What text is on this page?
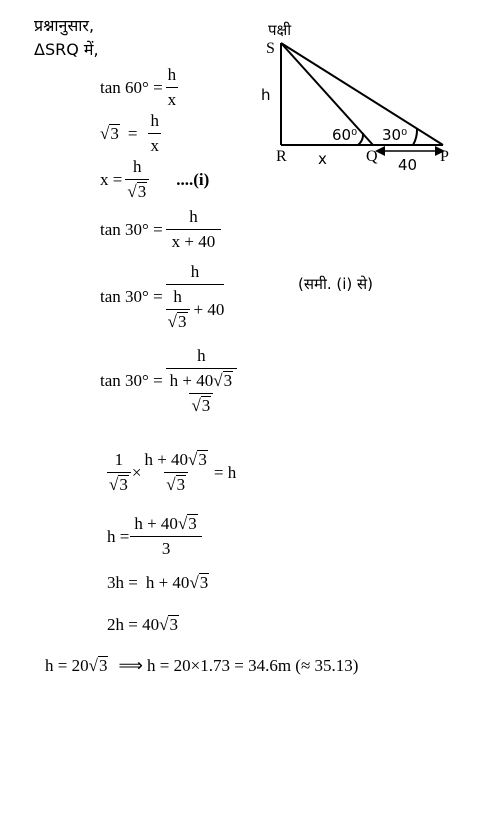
प्रश्नानुसार,
ΔSRQ में,
पक्षी
S
h
R x Q	P
40
60⁰ 30⁰
$\tan 60^\circ = \frac{h}{x}$
√ $3 = \frac{h}{x}$
$x = \frac{h}{√ 3} ....(i)$
$\tan 30^\circ = \frac{h}{x + 40}$
$\tan 30^\circ = \frac{h}{\frac{h}{√ 3} + 40}$	(समी. (i) से)
$\tan 30^\circ = \frac{h}{\frac{h + 40 √ 3}{√ 3}}$
$\frac{1}{√ 3} \times \frac{h + 40 √ 3}{√ 3} = h$
$h = \frac{h + 40 √ 3}{3}$
3h = h + 40 √ 3
2h = 40 √ 3
h = 20 √ 3 ⟹ h = 20×1.73 = 34.6m (≈ 35.13)
